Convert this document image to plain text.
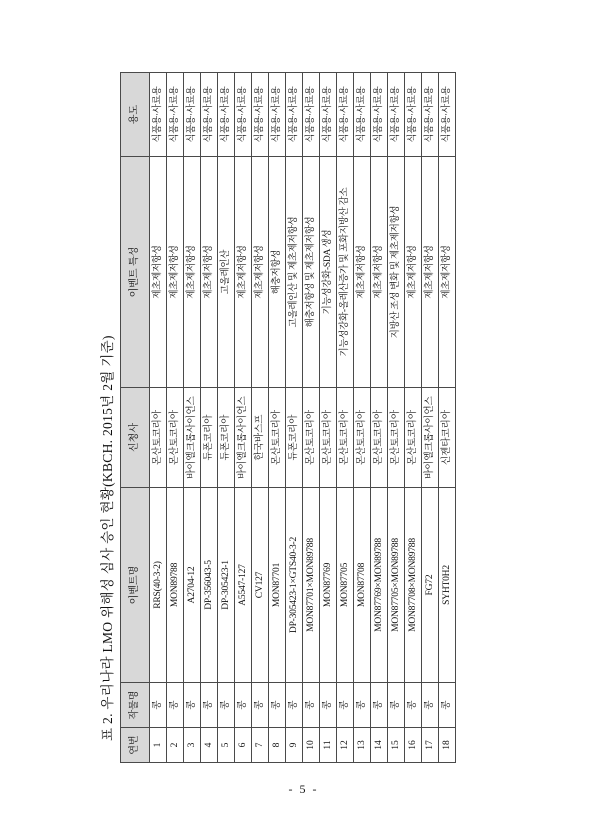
표 2. 우리나라 LMO 위해성 심사 승인 현황(KBCH. 2015년 2월 기준)

연번	작물명	이벤트명	신청사	이벤트 특성	용도
1	콩	RRS(40-3-2)	몬산토코리아	제초제저항성	식품용·사료용
2	콩	MON89788	몬산토코리아	제초제저항성	식품용·사료용
3	콩	A2704-12	바이엘크롭사이언스	제초제저항성	식품용·사료용
4	콩	DP-356043-5	듀폰코리아	제초제저항성	식품용·사료용
5	콩	DP-305423-1	듀폰코리아	고올레인산	식품용·사료용
6	콩	A5547-127	바이엘크롭사이언스	제초제저항성	식품용·사료용
7	콩	CV127	한국바스프	제초제저항성	식품용·사료용
8	콩	MON87701	몬산토코리아	해충저항성	식품용·사료용
9	콩	DP-305423-1×GTS40-3-2	듀폰코리아	고올레인산 및 제초제저항성	식품용·사료용
10	콩	MON87701×MON89788	몬산토코리아	해충저항성 및 제초제저항성	식품용·사료용
11	콩	MON87769	몬산토코리아	기능성강화-SDA 생성	식품용·사료용
12	콩	MON87705	몬산토코리아	기능성강화-올레산증가 및 포화지방산 감소	식품용·사료용
13	콩	MON87708	몬산토코리아	제초제저항성	식품용·사료용
14	콩	MON87769×MON89788	몬산토코리아	제초제저항성	식품용·사료용
15	콩	MON87705×MON89788	몬산토코리아	지방산 조성 변화 및 제초제저항성	식품용·사료용
16	콩	MON87708×MON89788	몬산토코리아	제초제저항성	식품용·사료용
17	콩	FG72	바이엘크롭사이언스	제초제저항성	식품용·사료용
18	콩	SYHT0H2	신젠타코리아	제초제저항성	식품용·사료용
- 5 -
